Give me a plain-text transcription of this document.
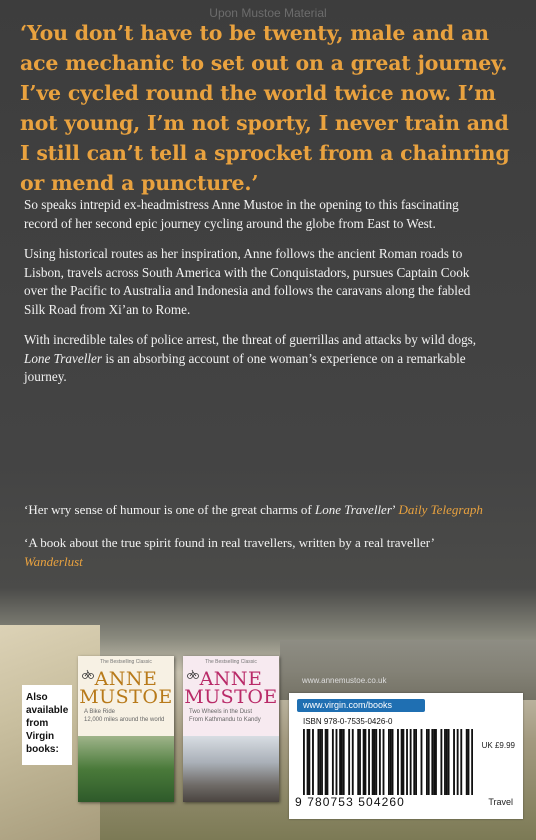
Upon Mustoe Material
‘You don’t have to be twenty, male and an ace mechanic to set out on a great journey. I’ve cycled round the world twice now. I’m not young, I’m not sporty, I never train and I still can’t tell a sprocket from a chainring or mend a puncture.’

So speaks intrepid ex-headmistress Anne Mustoe in the opening to this fascinating record of her second epic journey cycling around the globe from East to West.

Using historical routes as her inspiration, Anne follows the ancient Roman roads to Lisbon, travels across South America with the Conquistadors, pursues Captain Cook over the Pacific to Australia and Indonesia and follows the caravans along the fabled Silk Road from Xi’an to Rome.

With incredible tales of police arrest, the threat of guerrillas and attacks by wild dogs, Lone Traveller is an absorbing account of one woman’s experience on a remarkable journey.

‘Her wry sense of humour is one of the great charms of Lone Traveller’ Daily Telegraph

‘A book about the true spirit found in real travellers, written by a real traveller’ Wanderlust

www.annemustoe.co.uk
Also available from Virgin books:
The Bestselling Classic
ANNE MUSTOE
A Bike Ride
12,000 miles around the world
The Bestselling Classic
ANNE MUSTOE
Two Wheels in the Dust
From Kathmandu to Kandy
www.virgin.com/books
ISBN 978-0-7535-0426-0
9 780753 504260
UK £9.99
Travel
